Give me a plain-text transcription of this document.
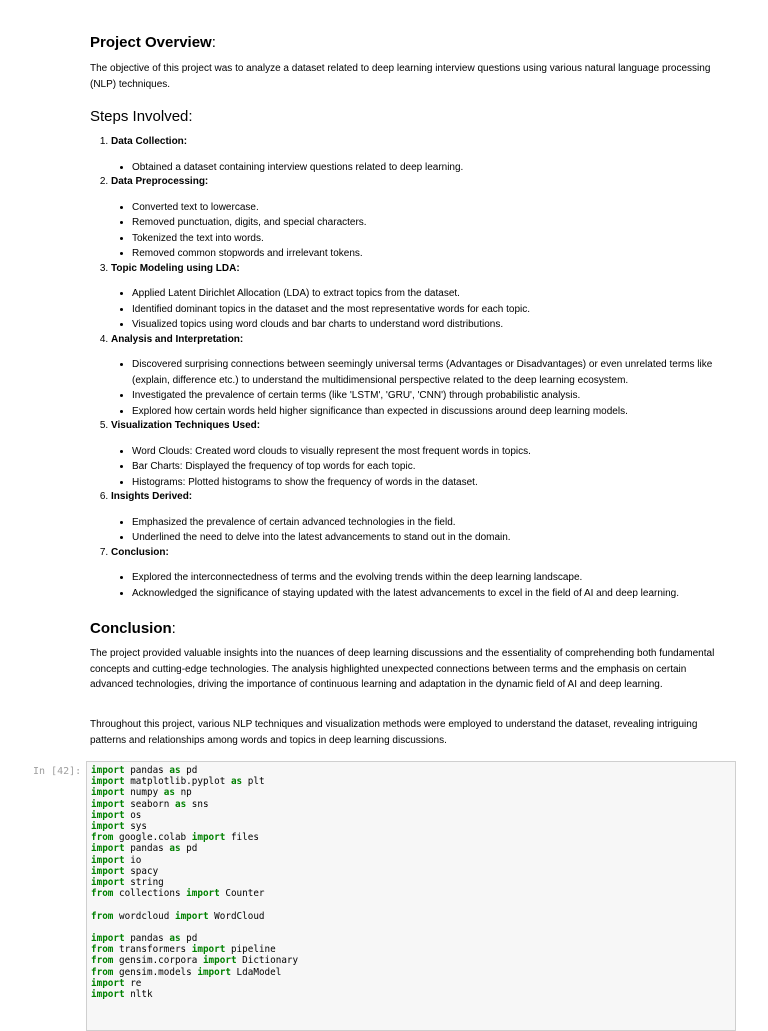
Project Overview:

The objective of this project was to analyze a dataset related to deep learning interview questions using various natural language processing (NLP) techniques.

Steps Involved:
1. Data Collection:
• Obtained a dataset containing interview questions related to deep learning.
2. Data Preprocessing:
• Converted text to lowercase.
• Removed punctuation, digits, and special characters.
• Tokenized the text into words.
• Removed common stopwords and irrelevant tokens.
3. Topic Modeling using LDA:
• Applied Latent Dirichlet Allocation (LDA) to extract topics from the dataset.
• Identified dominant topics in the dataset and the most representative words for each topic.
• Visualized topics using word clouds and bar charts to understand word distributions.
4. Analysis and Interpretation:
• Discovered surprising connections between seemingly universal terms (Advantages or Disadvantages) or even unrelated terms like (explain, difference etc.) to understand the multidimensional perspective related to the deep learning ecosystem.
• Investigated the prevalence of certain terms (like 'LSTM', 'GRU', 'CNN') through probabilistic analysis.
• Explored how certain words held higher significance than expected in discussions around deep learning models.
5. Visualization Techniques Used:
• Word Clouds: Created word clouds to visually represent the most frequent words in topics.
• Bar Charts: Displayed the frequency of top words for each topic.
• Histograms: Plotted histograms to show the frequency of words in the dataset.
6. Insights Derived:
• Emphasized the prevalence of certain advanced technologies in the field.
• Underlined the need to delve into the latest advancements to stand out in the domain.
7. Conclusion:
• Explored the interconnectedness of terms and the evolving trends within the deep learning landscape.
• Acknowledged the significance of staying updated with the latest advancements to excel in the field of AI and deep learning.
Conclusion:

The project provided valuable insights into the nuances of deep learning discussions and the essentiality of comprehending both fundamental concepts and cutting-edge technologies. The analysis highlighted unexpected connections between terms and the emphasis on certain advanced technologies, driving the importance of continuous learning and adaptation in the dynamic field of AI and deep learning.

Throughout this project, various NLP techniques and visualization methods were employed to understand the dataset, revealing intriguing patterns and relationships among words and topics in deep learning discussions.

In [42]:	import pandas as pd
import matplotlib.pyplot as plt
import numpy as np
import seaborn as sns
import os
import sys
from google.colab import files
import pandas as pd
import io
import spacy
import string
from collections import Counter

from wordcloud import WordCloud

import pandas as pd
from transformers import pipeline
from gensim.corpora import Dictionary
from gensim.models import LdaModel
import re
import nltk
